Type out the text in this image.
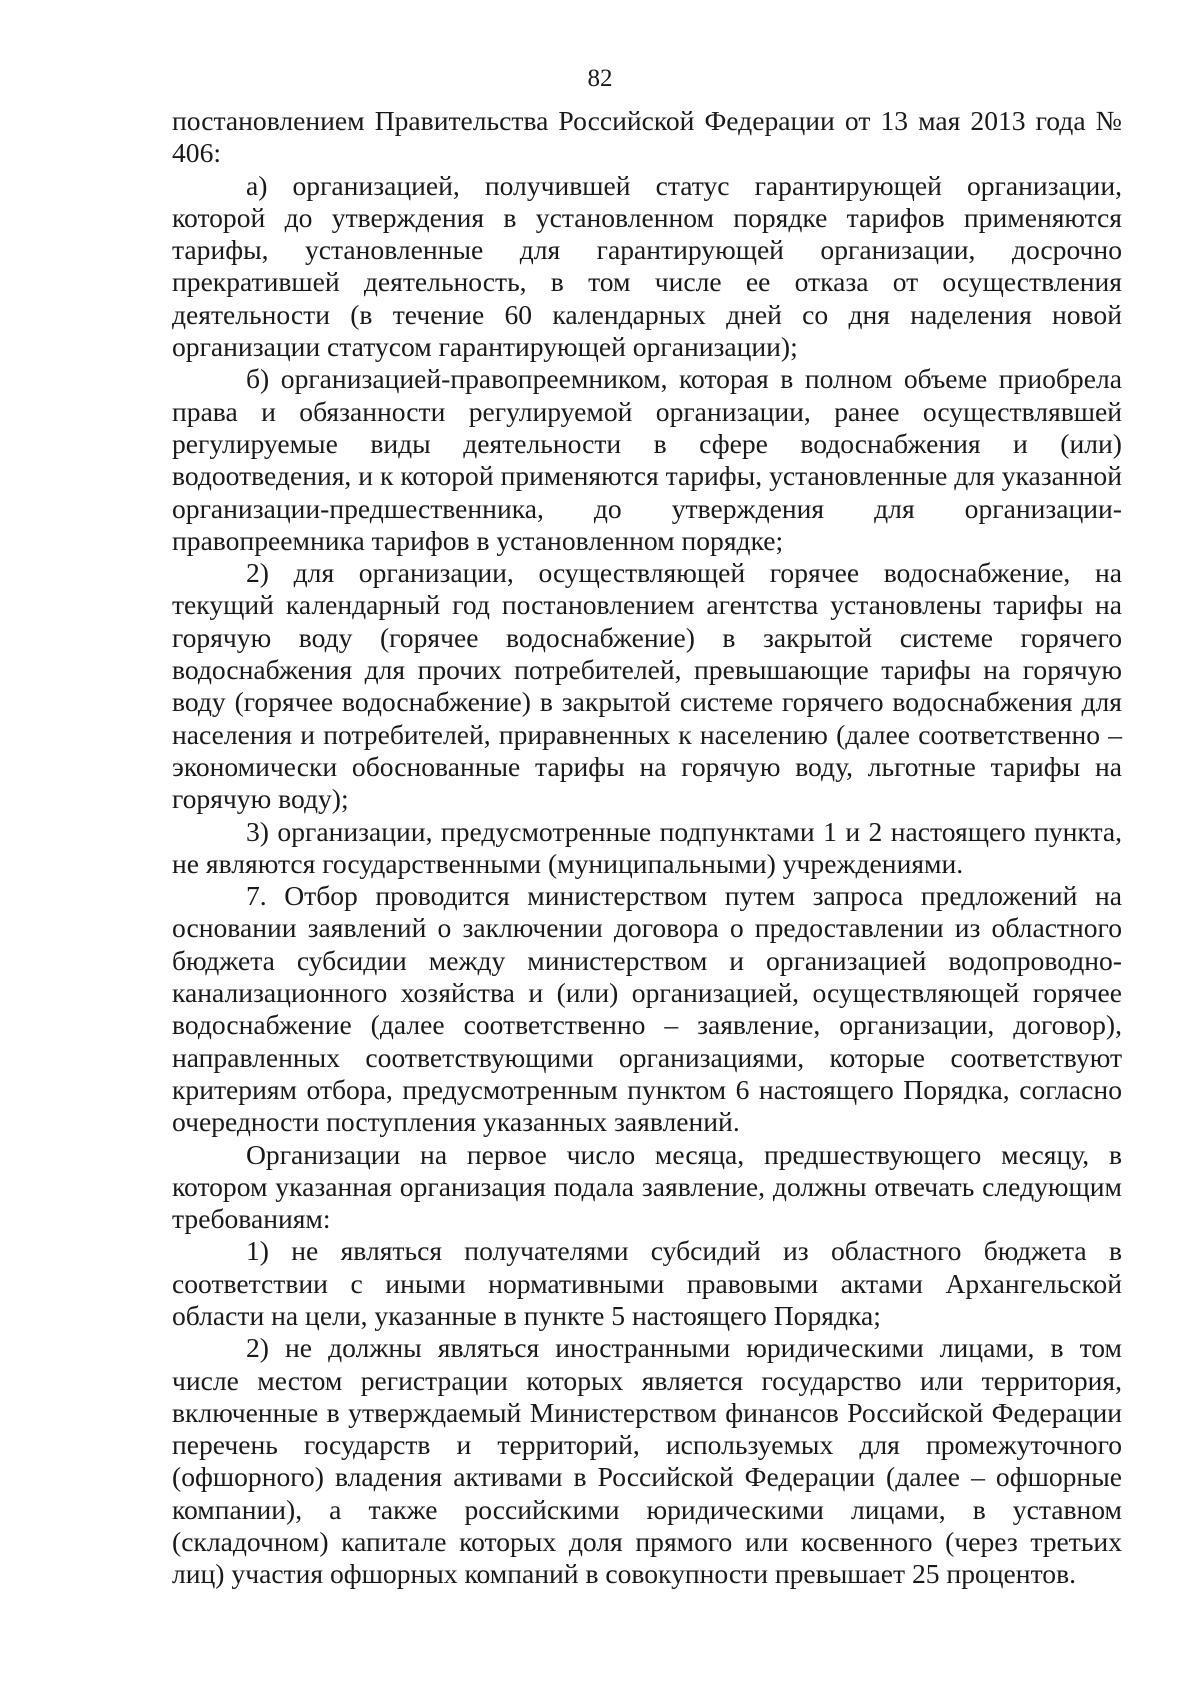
82

постановлением Правительства Российской Федерации от 13 мая 2013 года № 406:

а) организацией, получившей статус гарантирующей организации, которой до утверждения в установленном порядке тарифов применяются тарифы, установленные для гарантирующей организации, досрочно прекратившей деятельность, в том числе ее отказа от осуществления деятельности (в течение 60 календарных дней со дня наделения новой организации статусом гарантирующей организации);

б) организацией-правопреемником, которая в полном объеме приобрела права и обязанности регулируемой организации, ранее осуществлявшей регулируемые виды деятельности в сфере водоснабжения и (или) водоотведения, и к которой применяются тарифы, установленные для указанной организации-предшественника, до утверждения для организации-правопреемника тарифов в установленном порядке;

2) для организации, осуществляющей горячее водоснабжение, на текущий календарный год постановлением агентства установлены тарифы на горячую воду (горячее водоснабжение) в закрытой системе горячего водоснабжения для прочих потребителей, превышающие тарифы на горячую воду (горячее водоснабжение) в закрытой системе горячего водоснабжения для населения и потребителей, приравненных к населению (далее соответственно – экономически обоснованные тарифы на горячую воду, льготные тарифы на горячую воду);

3) организации, предусмотренные подпунктами 1 и 2 настоящего пункта, не являются государственными (муниципальными) учреждениями.

7. Отбор проводится министерством путем запроса предложений на основании заявлений о заключении договора о предоставлении из областного бюджета субсидии между министерством и организацией водопроводно-канализационного хозяйства и (или) организацией, осуществляющей горячее водоснабжение (далее соответственно – заявление, организации, договор), направленных соответствующими организациями, которые соответствуют критериям отбора, предусмотренным пунктом 6 настоящего Порядка, согласно очередности поступления указанных заявлений.

Организации на первое число месяца, предшествующего месяцу, в котором указанная организация подала заявление, должны отвечать следующим требованиям:

1) не являться получателями субсидий из областного бюджета в соответствии с иными нормативными правовыми актами Архангельской области на цели, указанные в пункте 5 настоящего Порядка;

2) не должны являться иностранными юридическими лицами, в том числе местом регистрации которых является государство или территория, включенные в утверждаемый Министерством финансов Российской Федерации перечень государств и территорий, используемых для промежуточного (офшорного) владения активами в Российской Федерации (далее – офшорные компании), а также российскими юридическими лицами, в уставном (складочном) капитале которых доля прямого или косвенного (через третьих лиц) участия офшорных компаний в совокупности превышает 25 процентов.
